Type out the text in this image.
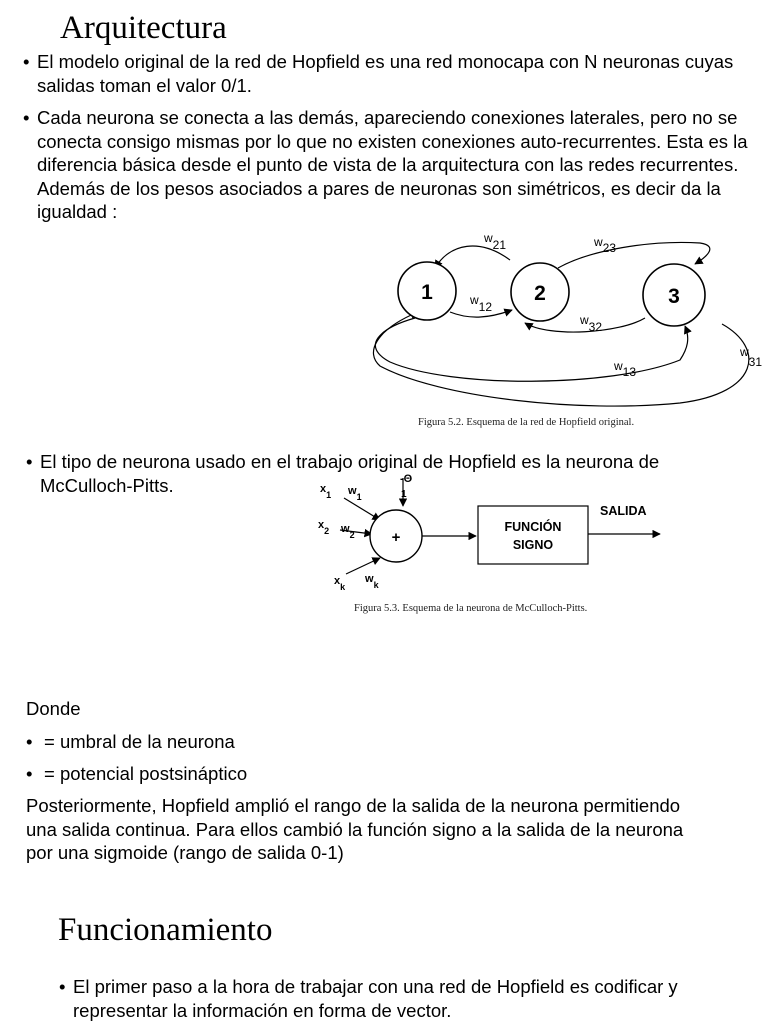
Arquitectura
• El modelo original de la red de Hopfield es una red monocapa con N neuronas cuyas salidas toman el valor 0/1.
• Cada neurona se conecta a las demás, apareciendo conexiones laterales, pero no se conecta consigo mismas por lo que no existen conexiones auto-recurrentes. Esta es la diferencia básica desde el punto de vista de la arquitectura con las redes recurrentes. Además de los pesos asociados a pares de neuronas son simétricos, es decir da la igualdad :
1	2	3
w21	w23
w12
w32
w13
w31
Figura 5.2. Esquema de la red de Hopfield original.
• El tipo de neurona usado en el trabajo original de Hopfield es la neurona de McCulloch-Pitts.
+
FUNCIÓN
SIGNO
SALIDA
-Θ
1
$x_1$ $w_1$
$x_2$ $w_2$
$x_k$
$w_k$
Figura 5.3. Esquema de la neurona de McCulloch-Pitts.
Donde
• = umbral de la neurona
• = potencial postsináptico
Posteriormente, Hopfield amplió el rango de la salida de la neurona permitiendo una salida continua. Para ellos cambió la función signo a la salida de la neurona por una sigmoide (rango de salida 0-1)
Funcionamiento
• El primer paso a la hora de trabajar con una red de Hopfield es codificar y representar la información en forma de vector.
